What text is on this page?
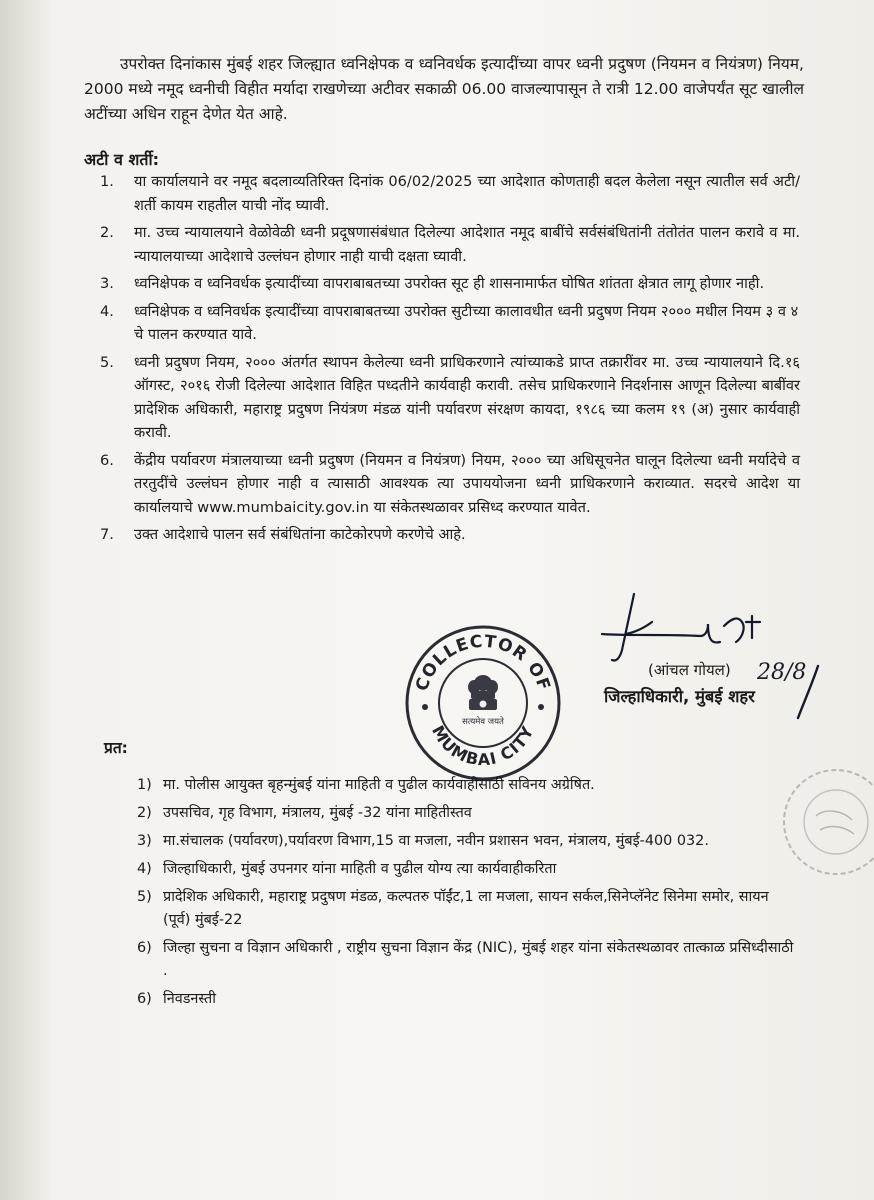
उपरोक्त दिनांकास मुंबई शहर जिल्ह्यात ध्वनिक्षेपक व ध्वनिवर्धक इत्यादींच्या वापर ध्वनी प्रदुषण (नियमन व नियंत्रण) नियम, 2000 मध्ये नमूद ध्वनीची विहीत मर्यादा राखणेच्या अटीवर सकाळी 06.00 वाजल्यापासून ते रात्री 12.00 वाजेपर्यंत सूट खालील अटींच्या अधिन राहून देणेत येत आहे.
अटी व शर्ती:
1.	या कार्यालयाने वर नमूद बदलाव्यतिरिक्त दिनांक 06/02/2025 च्या आदेशात कोणताही बदल केलेला नसून त्यातील सर्व अटी/शर्ती कायम राहतील याची नोंद घ्यावी.
2.	मा. उच्च न्यायालयाने वेळोवेळी ध्वनी प्रदूषणासंबंधात दिलेल्या आदेशात नमूद बाबींचे सर्वसंबंधितांनी तंतोतंत पालन करावे व मा. न्यायालयाच्या आदेशाचे उल्लंघन होणार नाही याची दक्षता घ्यावी.
3.	ध्वनिक्षेपक व ध्वनिवर्धक इत्यादींच्या वापराबाबतच्या उपरोक्त सूट ही शासनामार्फत घोषित शांतता क्षेत्रात लागू होणार नाही.
4.	ध्वनिक्षेपक व ध्वनिवर्धक इत्यादींच्या वापराबाबतच्या उपरोक्त सुटीच्या कालावधीत ध्वनी प्रदुषण नियम २००० मधील नियम ३ व ४ चे पालन करण्यात यावे.
5.	ध्वनी प्रदुषण नियम, २००० अंतर्गत स्थापन केलेल्या ध्वनी प्राधिकरणाने त्यांच्याकडे प्राप्त तक्रारींवर मा. उच्च न्यायालयाने दि.१६ ऑगस्ट, २०१६ रोजी दिलेल्या आदेशात विहित पध्दतीने कार्यवाही करावी. तसेच प्राधिकरणाने निदर्शनास आणून दिलेल्या बाबींवर प्रादेशिक अधिकारी, महाराष्ट्र प्रदुषण नियंत्रण मंडळ यांनी पर्यावरण संरक्षण कायदा, १९८६ च्या कलम १९ (अ) नुसार कार्यवाही करावी.
6.	केंद्रीय पर्यावरण मंत्रालयाच्या ध्वनी प्रदुषण (नियमन व नियंत्रण) नियम, २००० च्या अधिसूचनेत घालून दिलेल्या ध्वनी मर्यादेचे व तरतुदींचे उल्लंघन होणार नाही व त्यासाठी आवश्यक त्या उपाययोजना ध्वनी प्राधिकरणाने कराव्यात. सदरचे आदेश या कार्यालयाचे www.mumbaicity.gov.in या संकेतस्थळावर प्रसिध्द करण्यात यावेत.
7.	उक्त आदेशाचे पालन सर्व संबंधितांना काटेकोरपणे करणेचे आहे.
COLLECTOR OF
MUMBAI CITY
सत्यमेव जयते
(आंचल गोयल) 28/8
जिल्हाधिकारी, मुंबई शहर
प्रत:
1) मा. पोलीस आयुक्त बृहन्मुंबई यांना माहिती व पुढील कार्यवाहीसाठी सविनय अग्रेषित.
2) उपसचिव, गृह विभाग, मंत्रालय, मुंबई -32 यांना माहितीस्तव
3) मा.संचालक (पर्यावरण),पर्यावरण विभाग,15 वा मजला, नवीन प्रशासन भवन, मंत्रालय, मुंबई-400 032.
4) जिल्हाधिकारी, मुंबई उपनगर यांना माहिती व पुढील योग्य त्या कार्यवाहीकरिता
5) प्रादेशिक अधिकारी, महाराष्ट्र प्रदुषण मंडळ, कल्पतरु पॉईंट,1 ला मजला, सायन सर्कल,सिनेप्लॅनेट सिनेमा समोर, सायन (पूर्व) मुंबई-22
6) जिल्हा सुचना व विज्ञान अधिकारी , राष्ट्रीय सुचना विज्ञान केंद्र (NIC), मुंबई शहर यांना संकेतस्थळावर तात्काळ प्रसिध्दीसाठी .
6) निवडनस्ती
